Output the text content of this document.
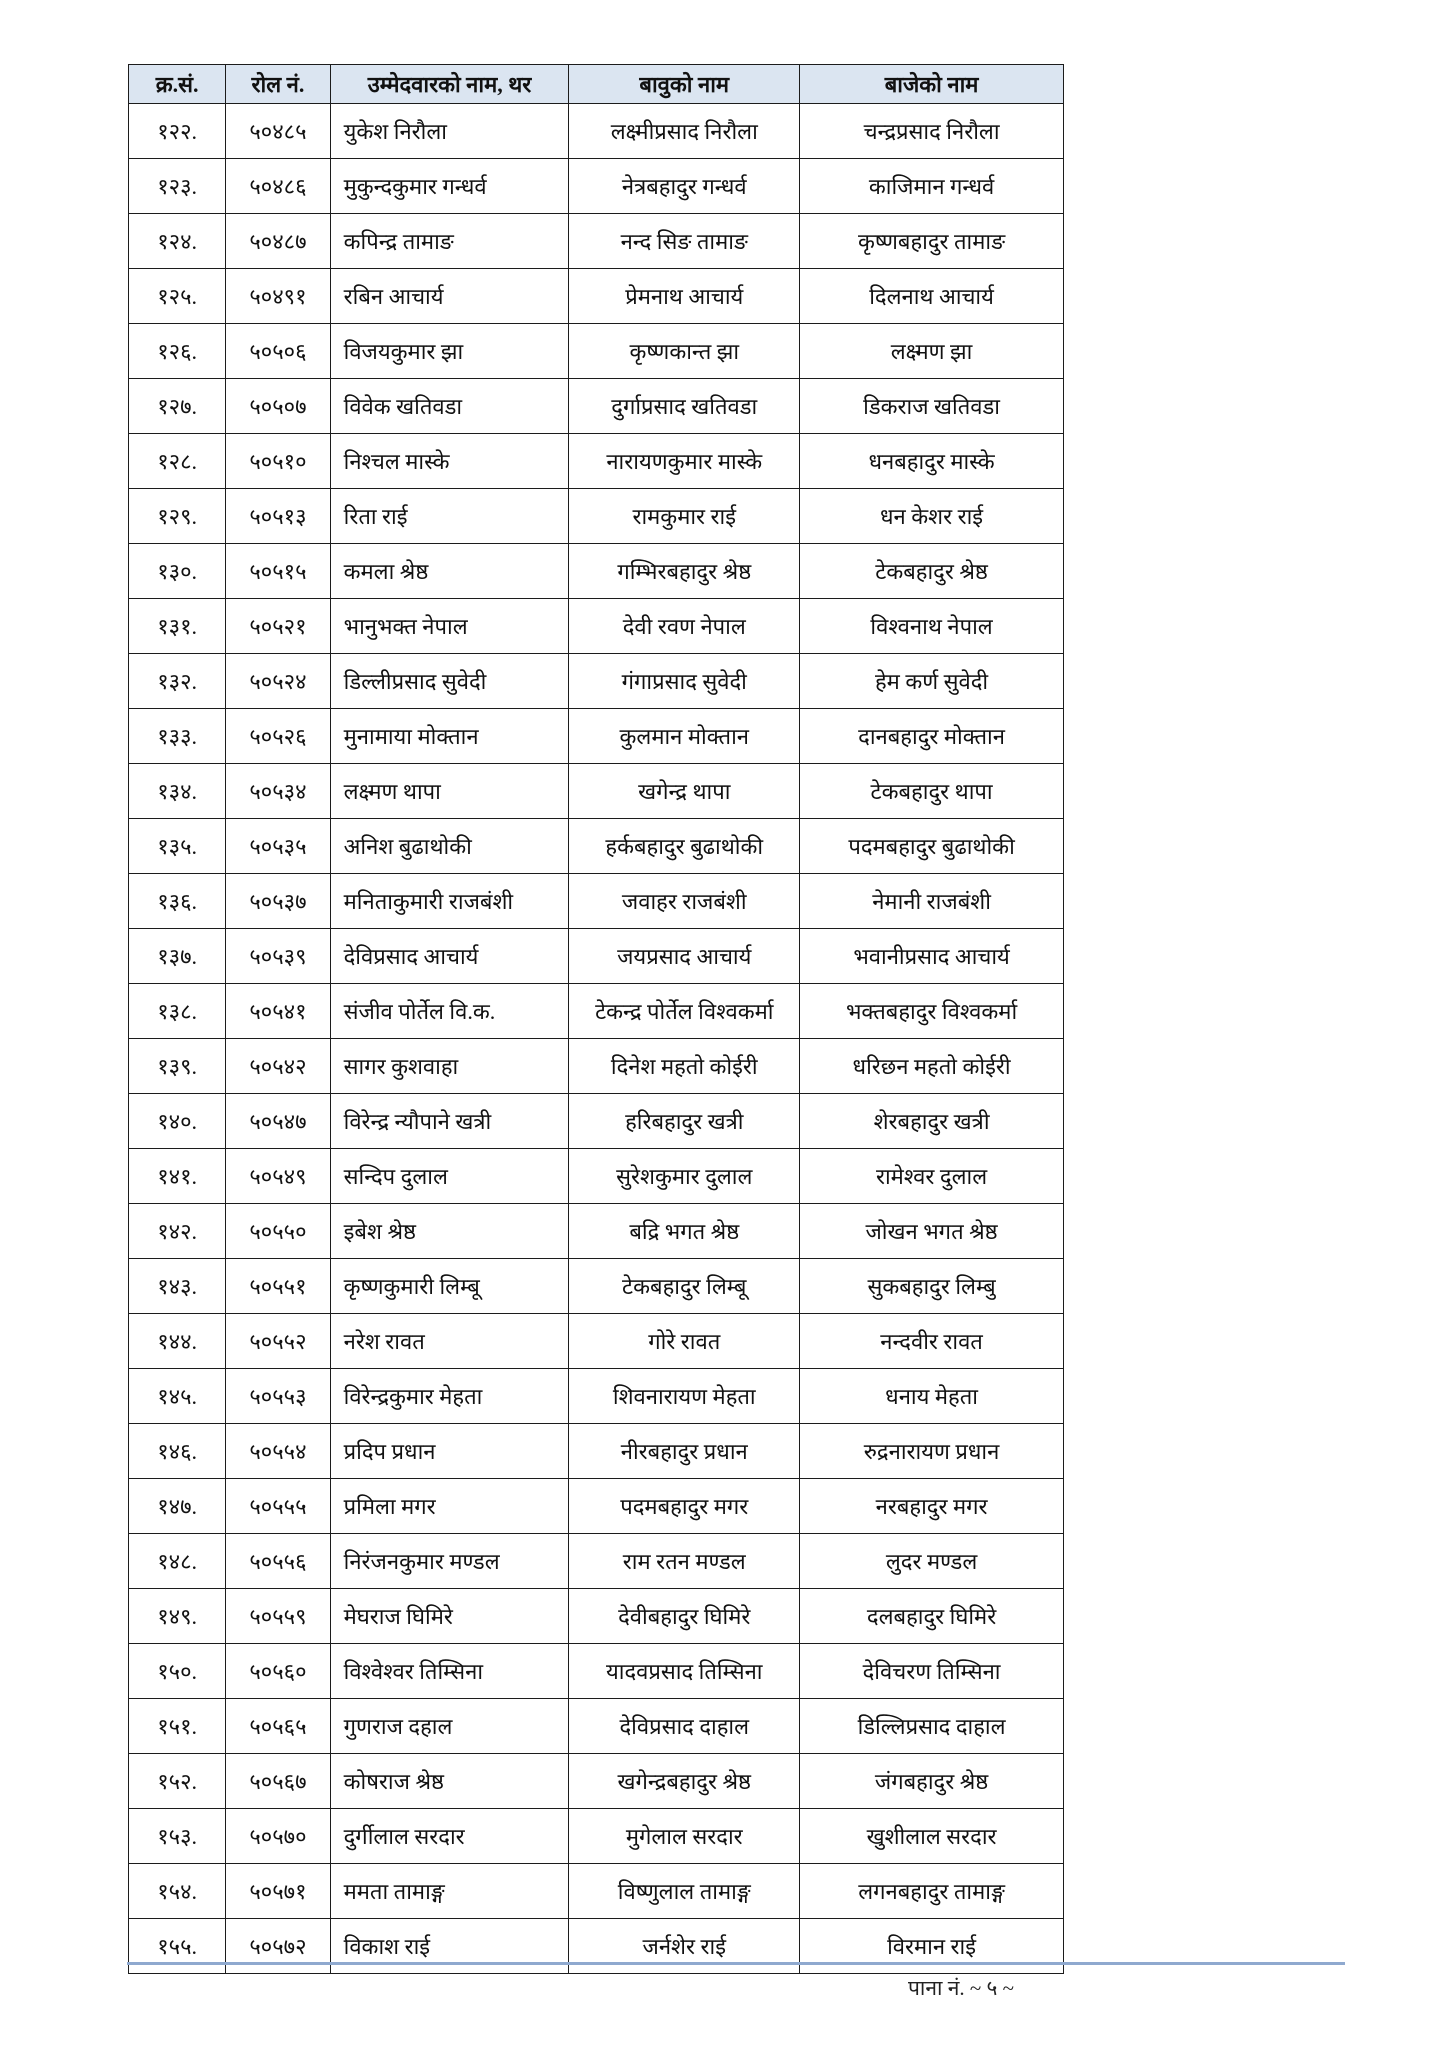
क्र.सं.	रोल नं.	उम्मेदवारको नाम, थर	बावुको नाम	बाजेको नाम
१२२.	५०४८५	युकेश निरौला	लक्ष्मीप्रसाद निरौला	चन्द्रप्रसाद निरौला
१२३.	५०४८६	मुकुन्दकुमार गन्धर्व	नेत्रबहादुर गन्धर्व	काजिमान गन्धर्व
१२४.	५०४८७	कपिन्द्र तामाङ	नन्द सिङ तामाङ	कृष्णबहादुर तामाङ
१२५.	५०४९१	रबिन आचार्य	प्रेमनाथ आचार्य	दिलनाथ आचार्य
१२६.	५०५०६	विजयकुमार झा	कृष्णकान्त झा	लक्ष्मण झा
१२७.	५०५०७	विवेक खतिवडा	दुर्गाप्रसाद खतिवडा	डिकराज खतिवडा
१२८.	५०५१०	निश्चल मास्के	नारायणकुमार मास्के	धनबहादुर मास्के
१२९.	५०५१३	रिता राई	रामकुमार राई	धन केशर राई
१३०.	५०५१५	कमला श्रेष्ठ	गम्भिरबहादुर श्रेष्ठ	टेकबहादुर श्रेष्ठ
१३१.	५०५२१	भानुभक्त नेपाल	देवी रवण नेपाल	विश्वनाथ नेपाल
१३२.	५०५२४	डिल्लीप्रसाद सुवेदी	गंगाप्रसाद सुवेदी	हेम कर्ण सुवेदी
१३३.	५०५२६	मुनामाया मोक्तान	कुलमान मोक्तान	दानबहादुर मोक्तान
१३४.	५०५३४	लक्ष्मण थापा	खगेन्द्र थापा	टेकबहादुर थापा
१३५.	५०५३५	अनिश बुढाथोकी	हर्कबहादुर बुढाथोकी	पदमबहादुर बुढाथोकी
१३६.	५०५३७	मनिताकुमारी राजबंशी	जवाहर राजबंशी	नेमानी राजबंशी
१३७.	५०५३९	देविप्रसाद आचार्य	जयप्रसाद आचार्य	भवानीप्रसाद आचार्य
१३८.	५०५४१	संजीव पोर्तेल वि.क.	टेकन्द्र पोर्तेल विश्वकर्मा	भक्तबहादुर विश्वकर्मा
१३९.	५०५४२	सागर कुशवाहा	दिनेश महतो कोईरी	धरिछन महतो कोईरी
१४०.	५०५४७	विरेन्द्र न्यौपाने खत्री	हरिबहादुर खत्री	शेरबहादुर खत्री
१४१.	५०५४९	सन्दिप दुलाल	सुरेशकुमार दुलाल	रामेश्वर दुलाल
१४२.	५०५५०	इबेश श्रेष्ठ	बद्रि भगत श्रेष्ठ	जोखन भगत श्रेष्ठ
१४३.	५०५५१	कृष्णकुमारी लिम्बू	टेकबहादुर लिम्बू	सुकबहादुर लिम्बु
१४४.	५०५५२	नरेश रावत	गोरे रावत	नन्दवीर रावत
१४५.	५०५५३	विरेन्द्रकुमार मेहता	शिवनारायण मेहता	धनाय मेहता
१४६.	५०५५४	प्रदिप प्रधान	नीरबहादुर प्रधान	रुद्रनारायण प्रधान
१४७.	५०५५५	प्रमिला मगर	पदमबहादुर मगर	नरबहादुर मगर
१४८.	५०५५६	निरंजनकुमार मण्डल	राम रतन मण्डल	लुदर मण्डल
१४९.	५०५५९	मेघराज घिमिरे	देवीबहादुर घिमिरे	दलबहादुर घिमिरे
१५०.	५०५६०	विश्वेश्वर तिम्सिना	यादवप्रसाद तिम्सिना	देविचरण तिम्सिना
१५१.	५०५६५	गुणराज दहाल	देविप्रसाद दाहाल	डिल्लिप्रसाद दाहाल
१५२.	५०५६७	कोषराज श्रेष्ठ	खगेन्द्रबहादुर श्रेष्ठ	जंगबहादुर श्रेष्ठ
१५३.	५०५७०	दुर्गीलाल सरदार	मुगेलाल सरदार	खुशीलाल सरदार
१५४.	५०५७१	ममता तामाङ्ग	विष्णुलाल तामाङ्ग	लगनबहादुर तामाङ्ग
१५५.	५०५७२	विकाश राई	जर्नशेर राई	विरमान राई
पाना नं. ~ ५ ~
